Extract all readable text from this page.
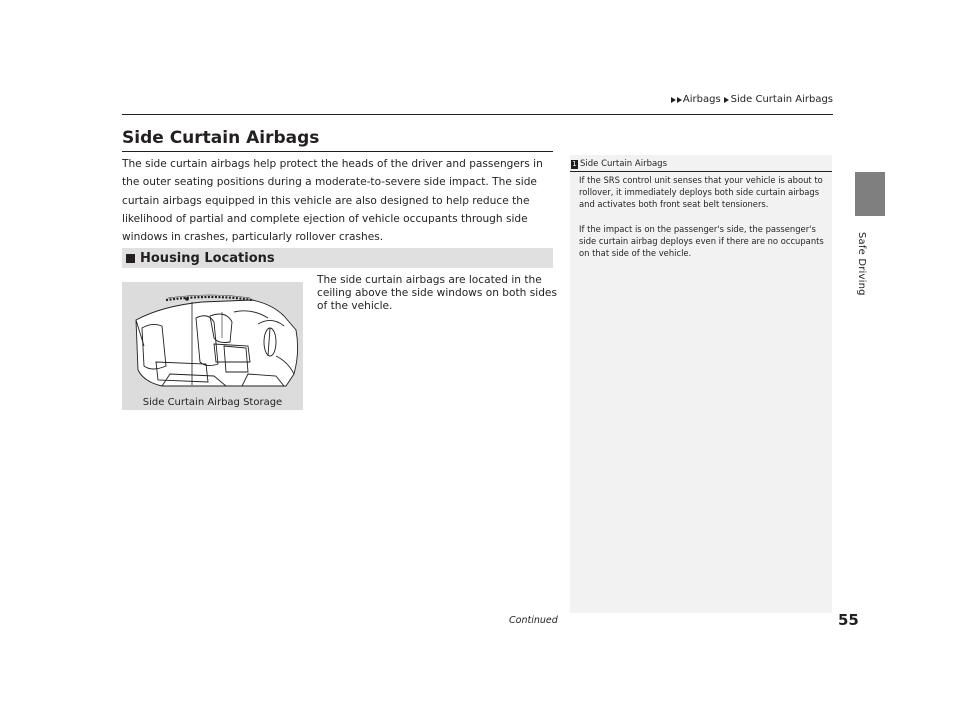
Airbags Side Curtain Airbags
Safe Driving
Side Curtain Airbags

The side curtain airbags help protect the heads of the driver and passengers in the outer seating positions during a moderate-to-severe side impact. The side curtain airbags equipped in this vehicle are also designed to help reduce the likelihood of partial and complete ejection of vehicle occupants through side windows in crashes, particularly rollover crashes.

Housing Locations
Side Curtain Airbag Storage

The side curtain airbags are located in the ceiling above the side windows on both sides of the vehicle.

1 Side Curtain Airbags

If the SRS control unit senses that your vehicle is about to rollover, it immediately deploys both side curtain airbags and activates both front seat belt tensioners.

If the impact is on the passenger's side, the passenger's side curtain airbag deploys even if there are no occupants on that side of the vehicle.

Continued	55
